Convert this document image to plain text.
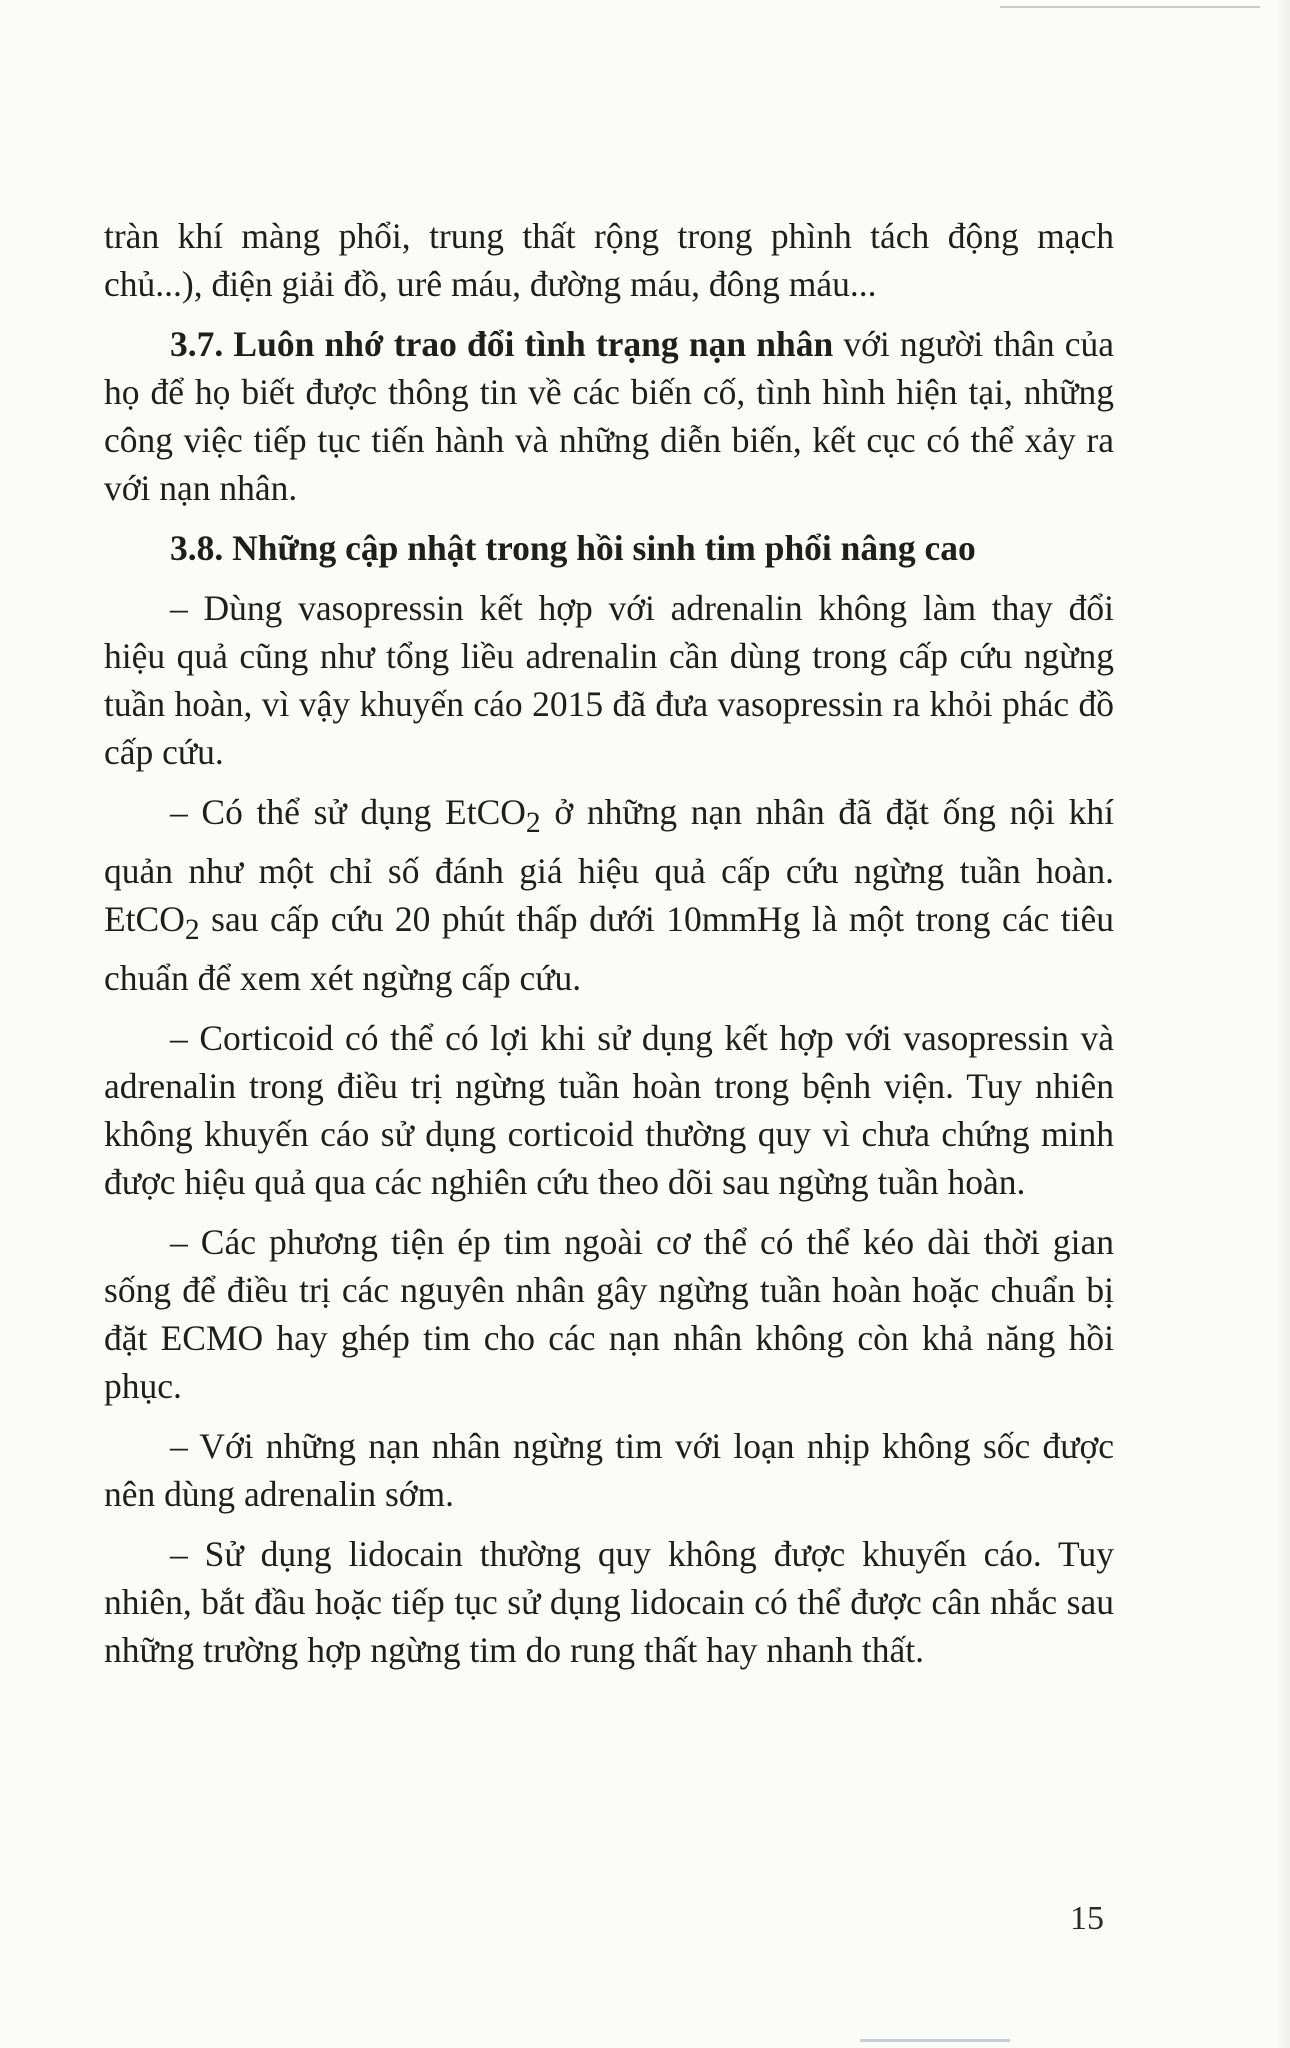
tràn khí màng phổi, trung thất rộng trong phình tách động mạch chủ...), điện giải đồ, urê máu, đường máu, đông máu...

3.7. Luôn nhớ trao đổi tình trạng nạn nhân với người thân của họ để họ biết được thông tin về các biến cố, tình hình hiện tại, những công việc tiếp tục tiến hành và những diễn biến, kết cục có thể xảy ra với nạn nhân.

3.8. Những cập nhật trong hồi sinh tim phổi nâng cao

– Dùng vasopressin kết hợp với adrenalin không làm thay đổi hiệu quả cũng như tổng liều adrenalin cần dùng trong cấp cứu ngừng tuần hoàn, vì vậy khuyến cáo 2015 đã đưa vasopressin ra khỏi phác đồ cấp cứu.

– Có thể sử dụng EtCO$_2$ ở những nạn nhân đã đặt ống nội khí quản như một chỉ số đánh giá hiệu quả cấp cứu ngừng tuần hoàn. EtCO$_2$ sau cấp cứu 20 phút thấp dưới 10mmHg là một trong các tiêu chuẩn để xem xét ngừng cấp cứu.

– Corticoid có thể có lợi khi sử dụng kết hợp với vasopressin và adrenalin trong điều trị ngừng tuần hoàn trong bệnh viện. Tuy nhiên không khuyến cáo sử dụng corticoid thường quy vì chưa chứng minh được hiệu quả qua các nghiên cứu theo dõi sau ngừng tuần hoàn.

– Các phương tiện ép tim ngoài cơ thể có thể kéo dài thời gian sống để điều trị các nguyên nhân gây ngừng tuần hoàn hoặc chuẩn bị đặt ECMO hay ghép tim cho các nạn nhân không còn khả năng hồi phục.

– Với những nạn nhân ngừng tim với loạn nhịp không sốc được nên dùng adrenalin sớm.

– Sử dụng lidocain thường quy không được khuyến cáo. Tuy nhiên, bắt đầu hoặc tiếp tục sử dụng lidocain có thể được cân nhắc sau những trường hợp ngừng tim do rung thất hay nhanh thất.

15
